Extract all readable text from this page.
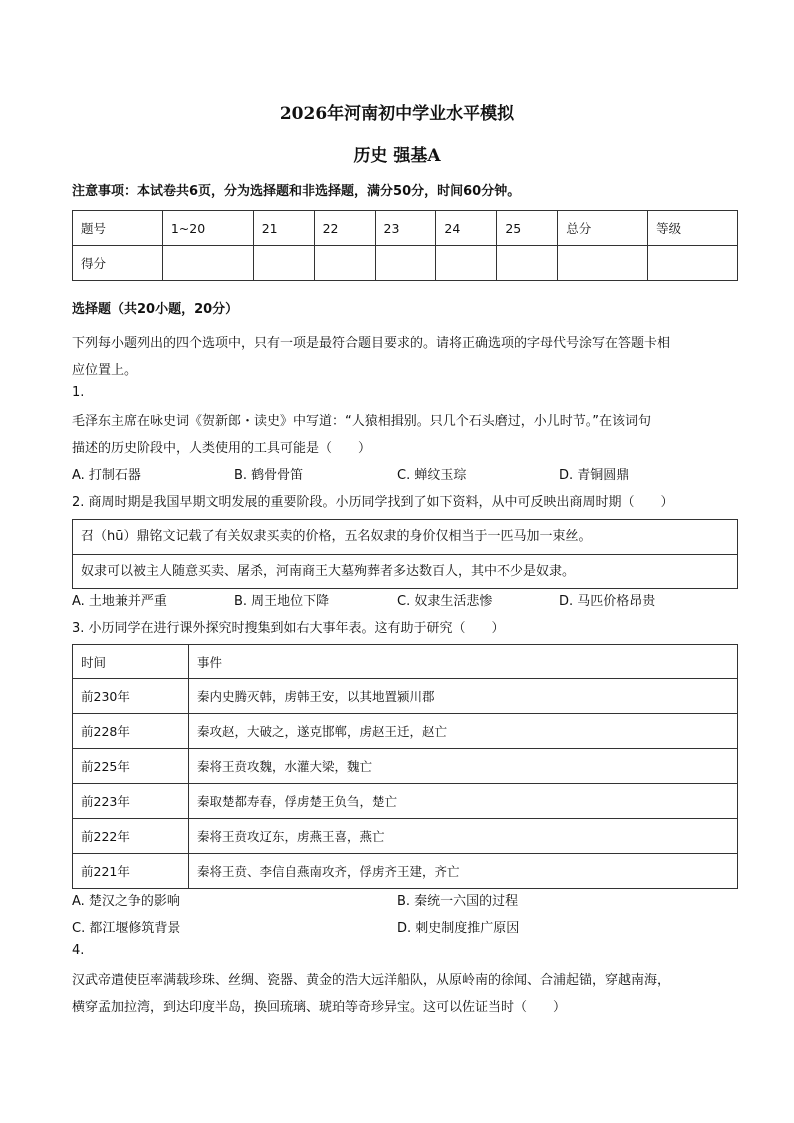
2026年河南初中学业水平模拟
历史 强基A
注意事项：本试卷共6页，分为选择题和非选择题，满分50分，时间60分钟。
题号	1~20	21	22	23	24	25	总分	等级
得分								
选择题（共20小题，20分）
下列每小题列出的四个选项中，只有一项是最符合题目要求的。请将正确选项的字母代号涂写在答题卡相
应位置上。
1.
毛泽东主席在咏史词《贺新郎・读史》中写道：“人猿相揖别。只几个石头磨过，小儿时节。”在该词句
描述的历史阶段中，人类使用的工具可能是（　　）
A. 打制石器	B. 鹤骨骨笛	C. 蝉纹玉琮	D. 青铜圆鼎
2. 商周时期是我国早期文明发展的重要阶段。小历同学找到了如下资料，从中可反映出商周时期（　　）
召（hū）鼎铭文记载了有关奴隶买卖的价格，五名奴隶的身价仅相当于一匹马加一束丝。
奴隶可以被主人随意买卖、屠杀，河南商王大墓殉葬者多达数百人，其中不少是奴隶。
A. 土地兼并严重	B. 周王地位下降	C. 奴隶生活悲惨	D. 马匹价格昂贵
3. 小历同学在进行课外探究时搜集到如右大事年表。这有助于研究（　　）
时间	事件
前230年	秦内史腾灭韩，虏韩王安，以其地置颍川郡
前228年	秦攻赵，大破之，遂克邯郸，虏赵王迁，赵亡
前225年	秦将王贲攻魏，水灌大梁，魏亡
前223年	秦取楚都寿春，俘虏楚王负刍，楚亡
前222年	秦将王贲攻辽东，虏燕王喜，燕亡
前221年	秦将王贲、李信自燕南攻齐，俘虏齐王建，齐亡
A. 楚汉之争的影响	B. 秦统一六国的过程
C. 都江堰修筑背景	D. 刺史制度推广原因
4.
汉武帝遣使臣率满载珍珠、丝绸、瓷器、黄金的浩大远洋船队，从原岭南的徐闻、合浦起锚，穿越南海，
横穿孟加拉湾，到达印度半岛，换回琉璃、琥珀等奇珍异宝。这可以佐证当时（　　）
